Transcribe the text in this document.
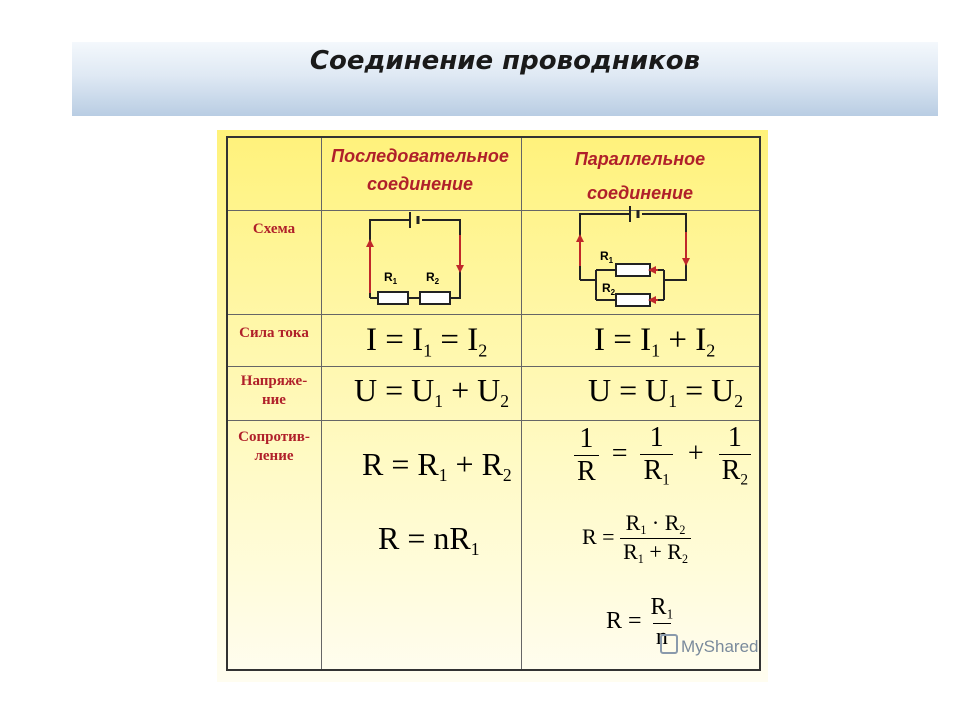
Соединение проводников
Последовательное
соединение
Параллельное
соединение
Схема
Сила тока
Напряже-
ние
Сопротив-
ление
$R_1$ $R_2$
$R_1$
$R_2$
I = I1 = I2	I = I1 + I2
U = U1 + U2 U = U1 = U2
R = R1 + R2
R = nR1
$\frac{1}{R} = \frac{1}{R1} + \frac{1}{R2}$
$R = \frac{R1 \cdot R2}{R1 + R2}$
$R = \frac{R1}{n}$ MyShared
